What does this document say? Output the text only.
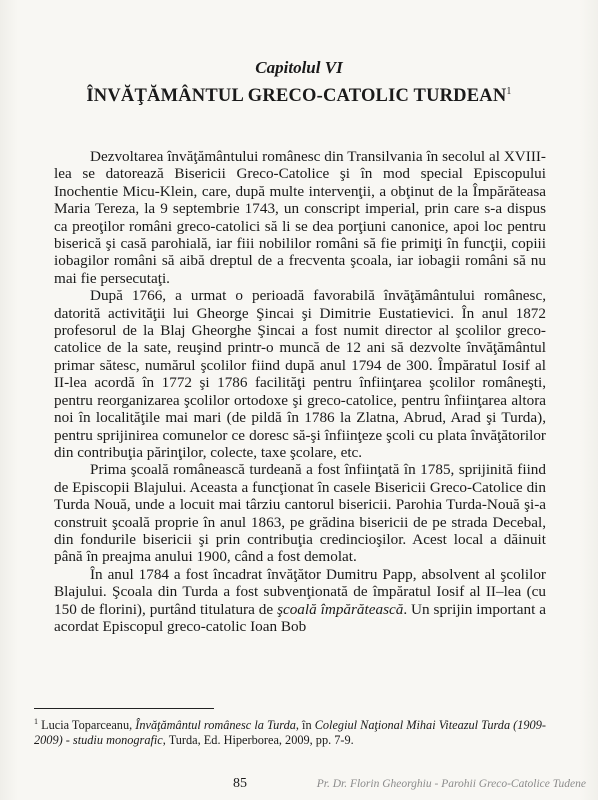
Capitolul VI
ÎNVĂŢĂMÂNTUL GRECO-CATOLIC TURDEAN$^1$

Dezvoltarea învăţământului românesc din Transilvania în secolul al XVIII-lea se datorează Bisericii Greco-Catolice şi în mod special Episcopului Inochentie Micu-Klein, care, după multe intervenţii, a obţinut de la Împărăteasa Maria Tereza, la 9 septembrie 1743, un conscript imperial, prin care s-a dispus ca preoţilor români greco-catolici să li se dea porţiuni canonice, apoi loc pentru biserică şi casă parohială, iar fiii nobililor români să fie primiţi în funcţii, copiii iobagilor români să aibă dreptul de a frecventa şcoala, iar iobagii români să nu mai fie persecutaţi.

După 1766, a urmat o perioadă favorabilă învăţământului românesc, datorită activităţii lui Gheorge Şincai şi Dimitrie Eustatievici. În anul 1872 profesorul de la Blaj Gheorghe Şincai a fost numit director al şcolilor greco-catolice de la sate, reuşind printr-o muncă de 12 ani să dezvolte învăţământul primar sătesc, numărul şcolilor fiind după anul 1794 de 300. Împăratul Iosif al II-lea acordă în 1772 şi 1786 facilităţi pentru înfiinţarea şcolilor româneşti, pentru reorganizarea şcolilor ortodoxe şi greco-catolice, pentru înfiinţarea altora noi în localităţile mai mari (de pildă în 1786 la Zlatna, Abrud, Arad şi Turda), pentru sprijinirea comunelor ce doresc să-şi înfiinţeze şcoli cu plata învăţătorilor din contribuţia părinţilor, colecte, taxe şcolare, etc.

Prima şcoală românească turdeană a fost înfiinţată în 1785, sprijinită fiind de Episcopii Blajului. Aceasta a funcţionat în casele Bisericii Greco-Catolice din Turda Nouă, unde a locuit mai târziu cantorul bisericii. Parohia Turda-Nouă şi-a construit şcoală proprie în anul 1863, pe grădina bisericii de pe strada Decebal, din fondurile bisericii şi prin contribuţia credincioşilor. Acest local a dăinuit până în preajma anului 1900, când a fost demolat.

În anul 1784 a fost încadrat învăţător Dumitru Papp, absolvent al şcolilor Blajului. Şcoala din Turda a fost subvenţionată de împăratul Iosif al II–lea (cu 150 de florini), purtând titulatura de şcoală împărătească. Un sprijin important a acordat Episcopul greco-catolic Ioan Bob

$^1$ Lucia Toparceanu, Învăţământul românesc la Turda, în Colegiul Naţional Mihai Viteazul Turda (1909-2009) - studiu monografic, Turda, Ed. Hiperborea, 2009, pp. 7-9.
85	Pr. Dr. Florin Gheorghiu - Parohii Greco-Catolice Tudene
